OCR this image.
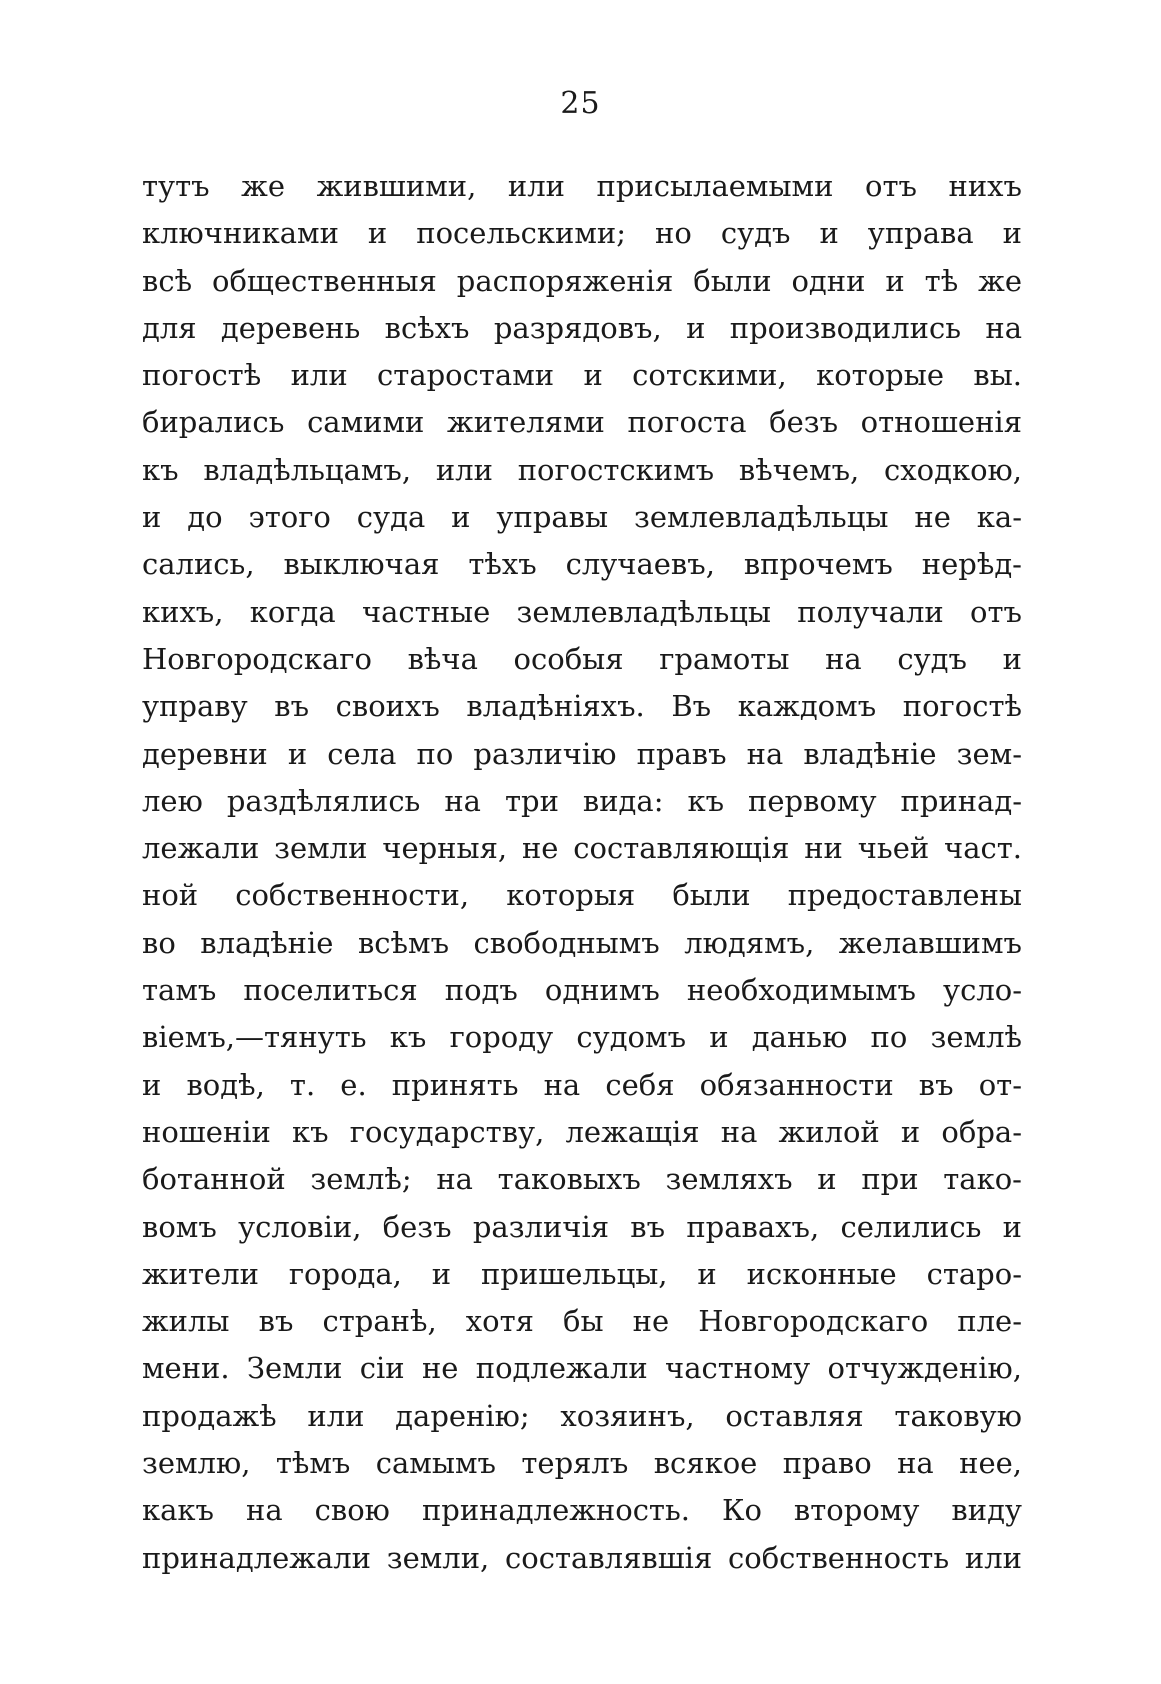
25
тутъ же жившими, или присылаемыми отъ нихъ
ключниками и посельскими; но судъ и управа и
всѣ общественныя распоряженія были одни и тѣ же
для деревень всѣхъ разрядовъ, и производились на
погостѣ или старостами и сотскими, которые вы.
бирались самими жителями погоста безъ отношенія
къ владѣльцамъ, или погостскимъ вѣчемъ, сходкою,
и до этого суда и управы землевладѣльцы не ка-
сались, выключая тѣхъ случаевъ, впрочемъ нерѣд-
кихъ, когда частные землевладѣльцы получали отъ
Новгородскаго вѣча особыя грамоты на судъ и
управу въ своихъ владѣніяхъ. Въ каждомъ погостѣ
деревни и села по различію правъ на владѣніе зем-
лею раздѣлялись на три вида: къ первому принад-
лежали земли черныя, не составляющія ни чьей част.
ной собственности, которыя были предоставлены
во владѣніе всѣмъ свободнымъ людямъ, желавшимъ
тамъ поселиться подъ однимъ необходимымъ усло-
віемъ,—тянуть къ городу судомъ и данью по землѣ
и водѣ, т. е. принять на себя обязанности въ от-
ношеніи къ государству, лежащія на жилой и обра-
ботанной землѣ; на таковыхъ земляхъ и при тако-
вомъ условіи, безъ различія въ правахъ, селились и
жители города, и пришельцы, и исконные старо-
жилы въ странѣ, хотя бы не Новгородскаго пле-
мени. Земли сіи не подлежали частному отчужденію,
продажѣ или даренію; хозяинъ, оставляя таковую
землю, тѣмъ самымъ терялъ всякое право на нее,
какъ на свою принадлежность. Ко второму виду
принадлежали земли, составлявшія собственность или
